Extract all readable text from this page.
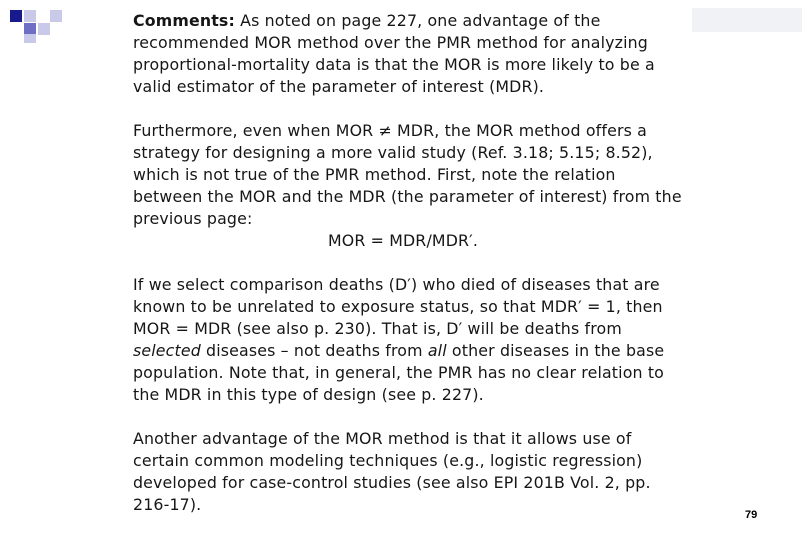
Comments: As noted on page 227, one advantage of the
recommended MOR method over the PMR method for analyzing
proportional-mortality data is that the MOR is more likely to be a
valid estimator of the parameter of interest (MDR).
Furthermore, even when MOR ≠ MDR, the MOR method offers a
strategy for designing a more valid study (Ref. 3.18; 5.15; 8.52),
which is not true of the PMR method. First, note the relation
between the MOR and the MDR (the parameter of interest) from the
previous page:
MOR = MDR/MDR′.
If we select comparison deaths (D′) who died of diseases that are
known to be unrelated to exposure status, so that MDR′ = 1, then
MOR = MDR (see also p. 230). That is, D′ will be deaths from
selected diseases – not deaths from all other diseases in the base
population. Note that, in general, the PMR has no clear relation to
the MDR in this type of design (see p. 227).
Another advantage of the MOR method is that it allows use of
certain common modeling techniques (e.g., logistic regression)
developed for case-control studies (see also EPI 201B Vol. 2, pp.
216-17).
79
